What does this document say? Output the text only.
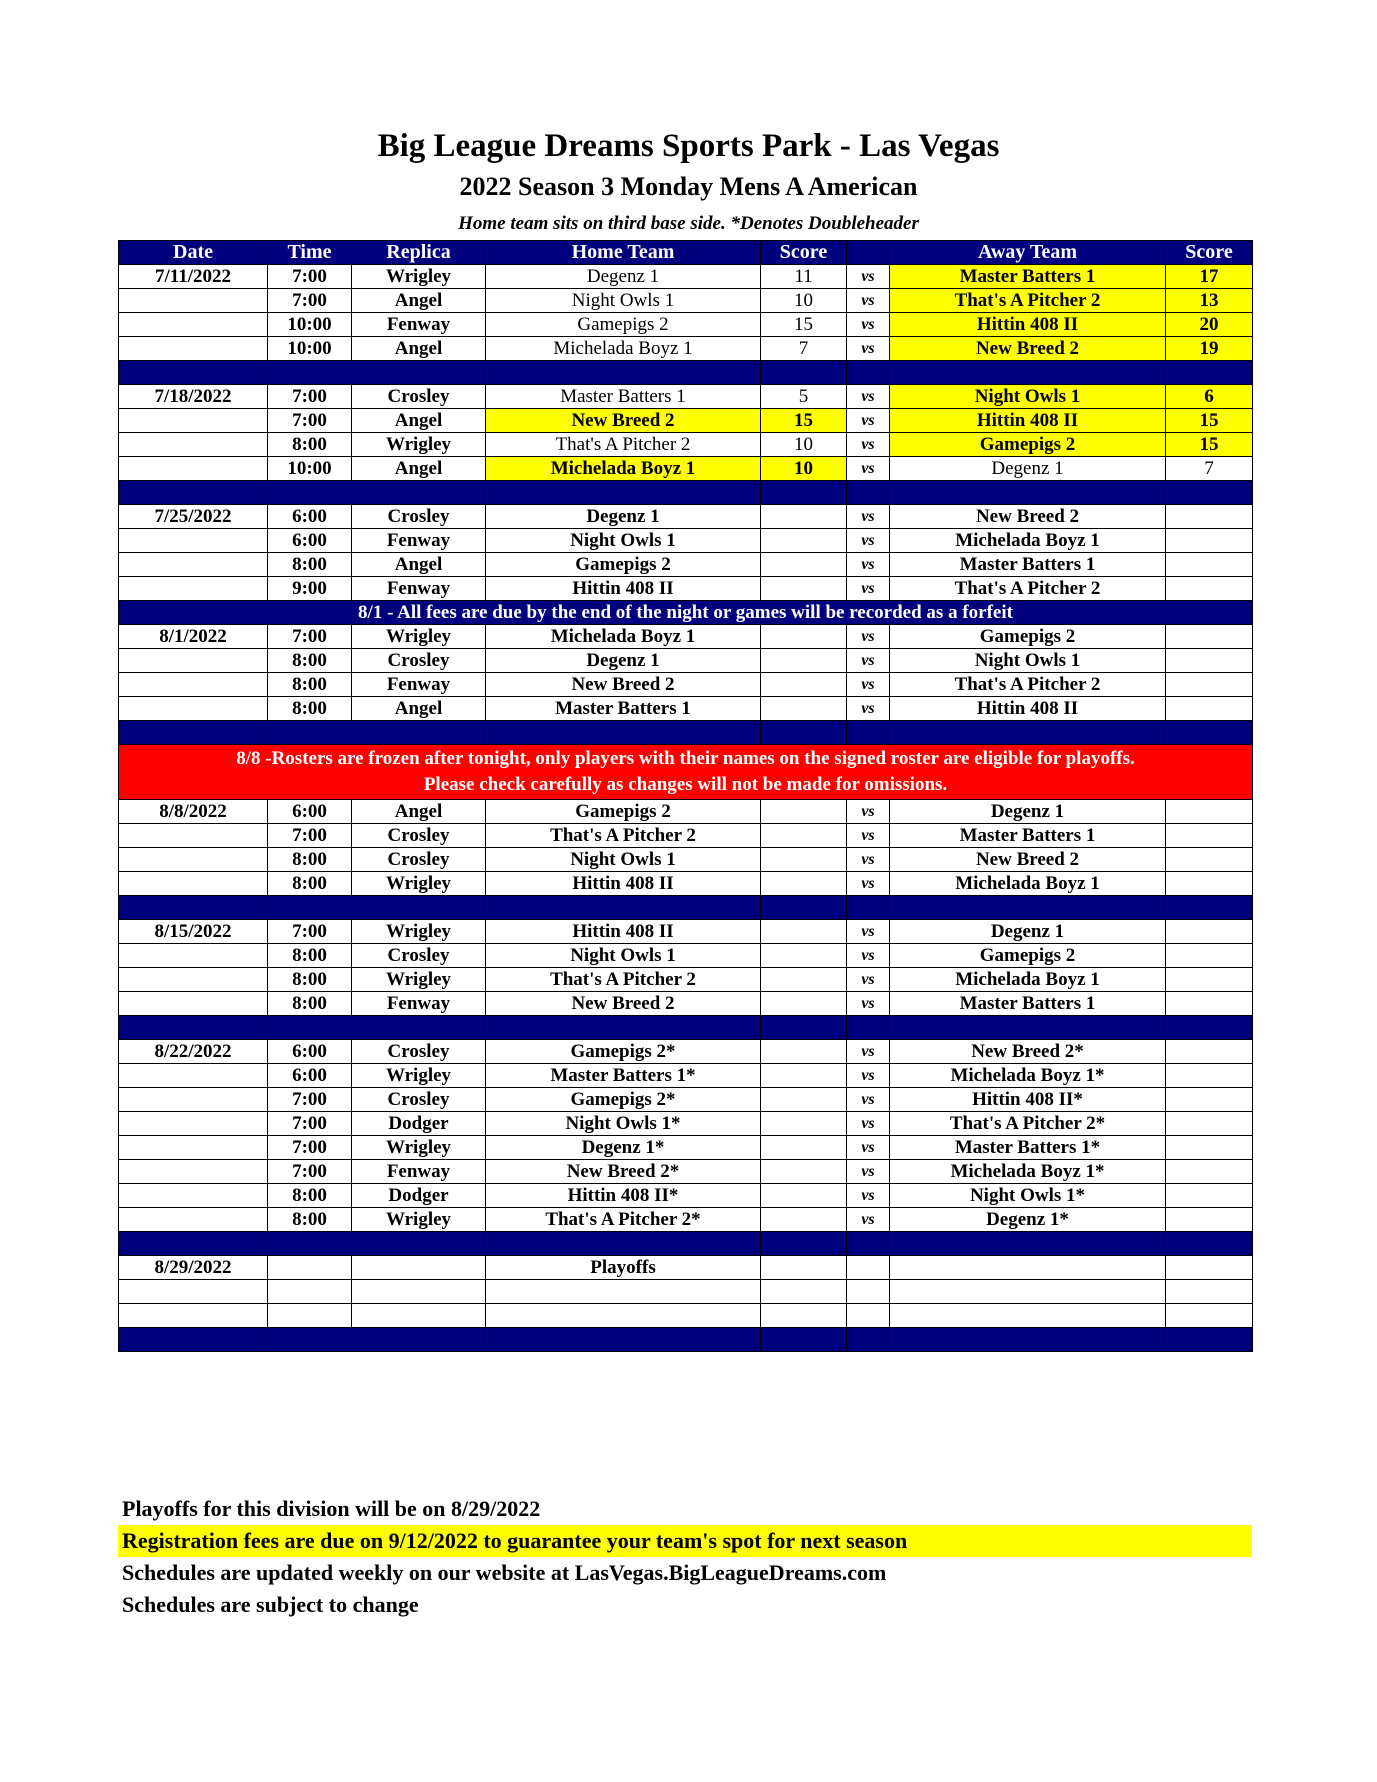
Big League Dreams Sports Park - Las Vegas
2022 Season 3 Monday Mens A American
Home team sits on third base side. *Denotes Doubleheader
Date	Time	Replica	Home Team	Score		Away Team	Score
7/11/2022	7:00	Wrigley	Degenz 1	11	vs	Master Batters 1	17
	7:00	Angel	Night Owls 1	10	vs	That's A Pitcher 2	13
	10:00	Fenway	Gamepigs 2	15	vs	Hittin 408 II	20
	10:00	Angel	Michelada Boyz 1	7	vs	New Breed 2	19

7/18/2022	7:00	Crosley	Master Batters 1	5	vs	Night Owls 1	6
	7:00	Angel	New Breed 2	15	vs	Hittin 408 II	15
	8:00	Wrigley	That's A Pitcher 2	10	vs	Gamepigs 2	15
	10:00	Angel	Michelada Boyz 1	10	vs	Degenz 1	7

7/25/2022	6:00	Crosley	Degenz 1		vs	New Breed 2	
	6:00	Fenway	Night Owls 1		vs	Michelada Boyz 1	
	8:00	Angel	Gamepigs 2		vs	Master Batters 1	
	9:00	Fenway	Hittin 408 II		vs	That's A Pitcher 2	

8/1 - All fees are due by the end of the night or games will be recorded as a forfeit							

8/1/2022	7:00	Wrigley	Michelada Boyz 1		vs	Gamepigs 2	
	8:00	Crosley	Degenz 1		vs	Night Owls 1	
	8:00	Fenway	New Breed 2		vs	That's A Pitcher 2	
	8:00	Angel	Master Batters 1		vs	Hittin 408 II	

8/8 -Rosters are frozen after tonight, only players with their names on the signed roster are eligible for playoffs.
Please check carefully as changes will not be made for omissions.							

8/8/2022	6:00	Angel	Gamepigs 2		vs	Degenz 1	
	7:00	Crosley	That's A Pitcher 2		vs	Master Batters 1	
	8:00	Crosley	Night Owls 1		vs	New Breed 2	
	8:00	Wrigley	Hittin 408 II		vs	Michelada Boyz 1	

8/15/2022	7:00	Wrigley	Hittin 408 II		vs	Degenz 1	
	8:00	Crosley	Night Owls 1		vs	Gamepigs 2	
	8:00	Wrigley	That's A Pitcher 2		vs	Michelada Boyz 1	
	8:00	Fenway	New Breed 2		vs	Master Batters 1	

8/22/2022	6:00	Crosley	Gamepigs 2*		vs	New Breed 2*	
	6:00	Wrigley	Master Batters 1*		vs	Michelada Boyz 1*	
	7:00	Crosley	Gamepigs 2*		vs	Hittin 408 II*	
	7:00	Dodger	Night Owls 1*		vs	That's A Pitcher 2*	
	7:00	Wrigley	Degenz 1*		vs	Master Batters 1*	
	7:00	Fenway	New Breed 2*		vs	Michelada Boyz 1*	
	8:00	Dodger	Hittin 408 II*		vs	Night Owls 1*	
	8:00	Wrigley	That's A Pitcher 2*		vs	Degenz 1*	

8/29/2022			Playoffs				

Playoffs for this division will be on 8/29/2022
Registration fees are due on 9/12/2022 to guarantee your team's spot for next season
Schedules are updated weekly on our website at LasVegas.BigLeagueDreams.com
Schedules are subject to change
